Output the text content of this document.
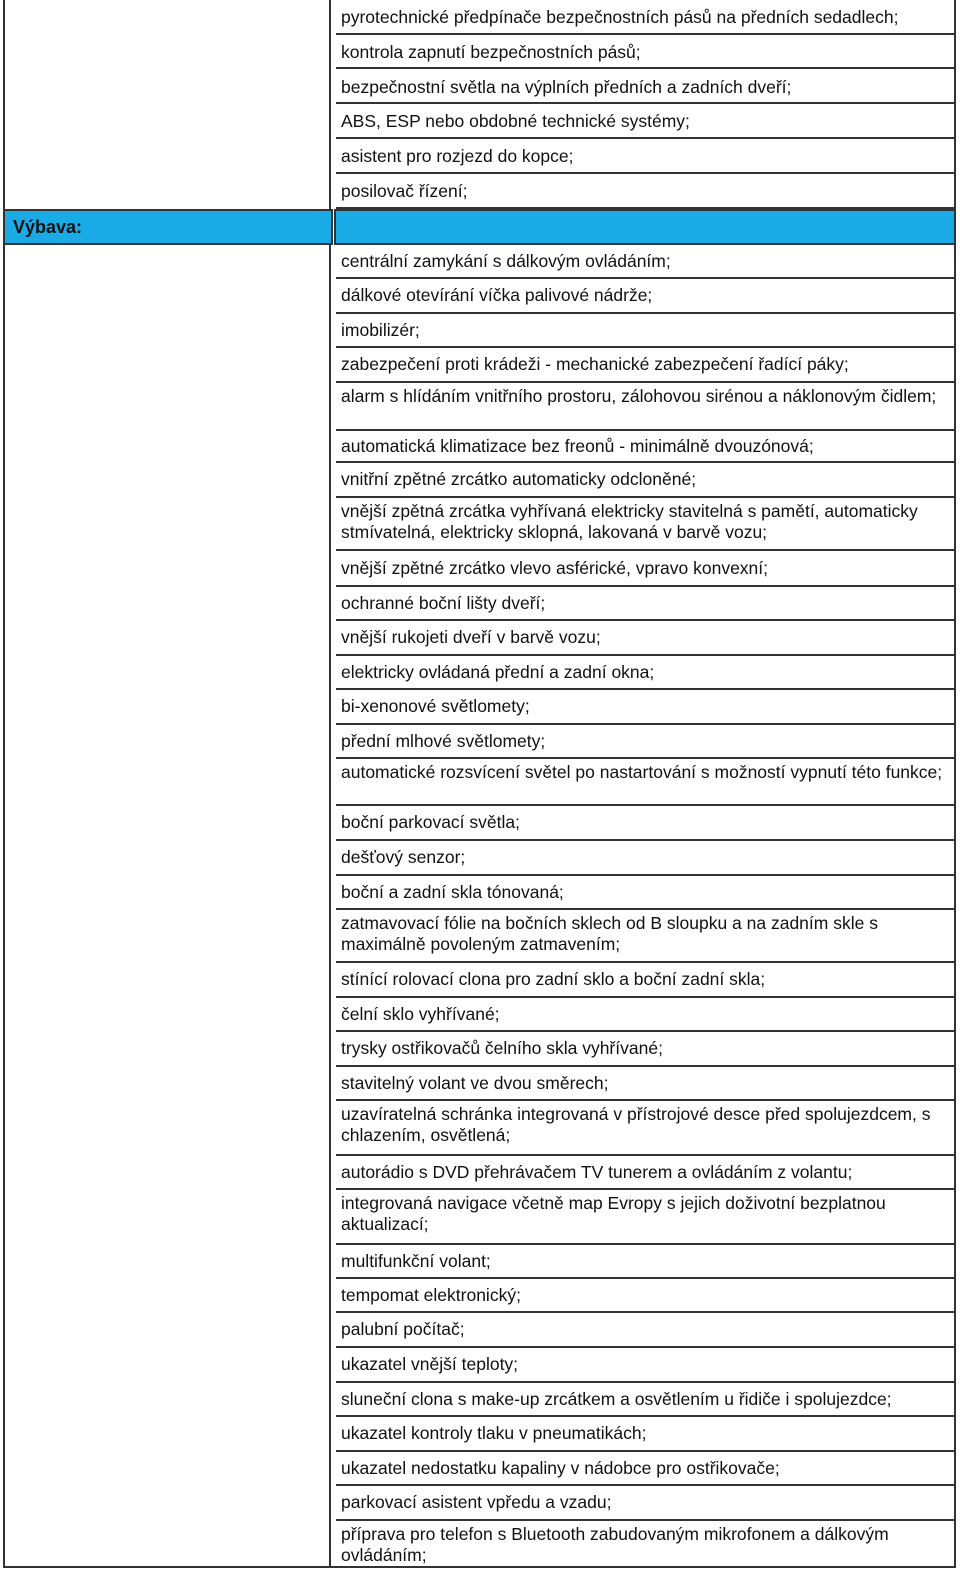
Výbava:
pyrotechnické předpínače bezpečnostních pásů na předních sedadlech;
kontrola zapnutí bezpečnostních pásů;
bezpečnostní světla na výplních předních a zadních dveří;
ABS, ESP nebo obdobné technické systémy;
asistent pro rozjezd do kopce;
posilovač řízení;
centrální zamykání s dálkovým ovládáním;
dálkové otevírání víčka palivové nádrže;
imobilizér;
zabezpečení proti krádeži - mechanické zabezpečení řadící páky;
alarm s hlídáním vnitřního prostoru, zálohovou sirénou a náklonovým čidlem;
automatická klimatizace bez freonů - minimálně dvouzónová;
vnitřní zpětné zrcátko automaticky odcloněné;
vnější zpětná zrcátka vyhřívaná elektricky stavitelná s pamětí, automaticky stmívatelná, elektricky sklopná, lakovaná v barvě vozu;
vnější zpětné zrcátko vlevo asférické, vpravo konvexní;
ochranné boční lišty dveří;
vnější rukojeti dveří v barvě vozu;
elektricky ovládaná přední a zadní okna;
bi-xenonové světlomety;
přední mlhové světlomety;
automatické rozsvícení světel po nastartování s možností vypnutí této funkce;
boční parkovací světla;
dešťový senzor;
boční a zadní skla tónovaná;
zatmavovací fólie na bočních sklech od B sloupku a na zadním skle s maximálně povoleným zatmavením;
stínící rolovací clona pro zadní sklo a boční zadní skla;
čelní sklo vyhřívané;
trysky ostřikovačů čelního skla vyhřívané;
stavitelný volant ve dvou směrech;
uzavíratelná schránka integrovaná v přístrojové desce před spolujezdcem, s chlazením, osvětlená;
autorádio s DVD přehrávačem TV tunerem a ovládáním z volantu;
integrovaná navigace včetně map Evropy s jejich doživotní bezplatnou aktualizací;
multifunkční volant;
tempomat elektronický;
palubní počítač;
ukazatel vnější teploty;
sluneční clona s make-up zrcátkem a osvětlením u řidiče i spolujezdce;
ukazatel kontroly tlaku v pneumatikách;
ukazatel nedostatku kapaliny v nádobce pro ostřikovače;
parkovací asistent vpředu a vzadu;
příprava pro telefon s Bluetooth zabudovaným mikrofonem a dálkovým ovládáním;
